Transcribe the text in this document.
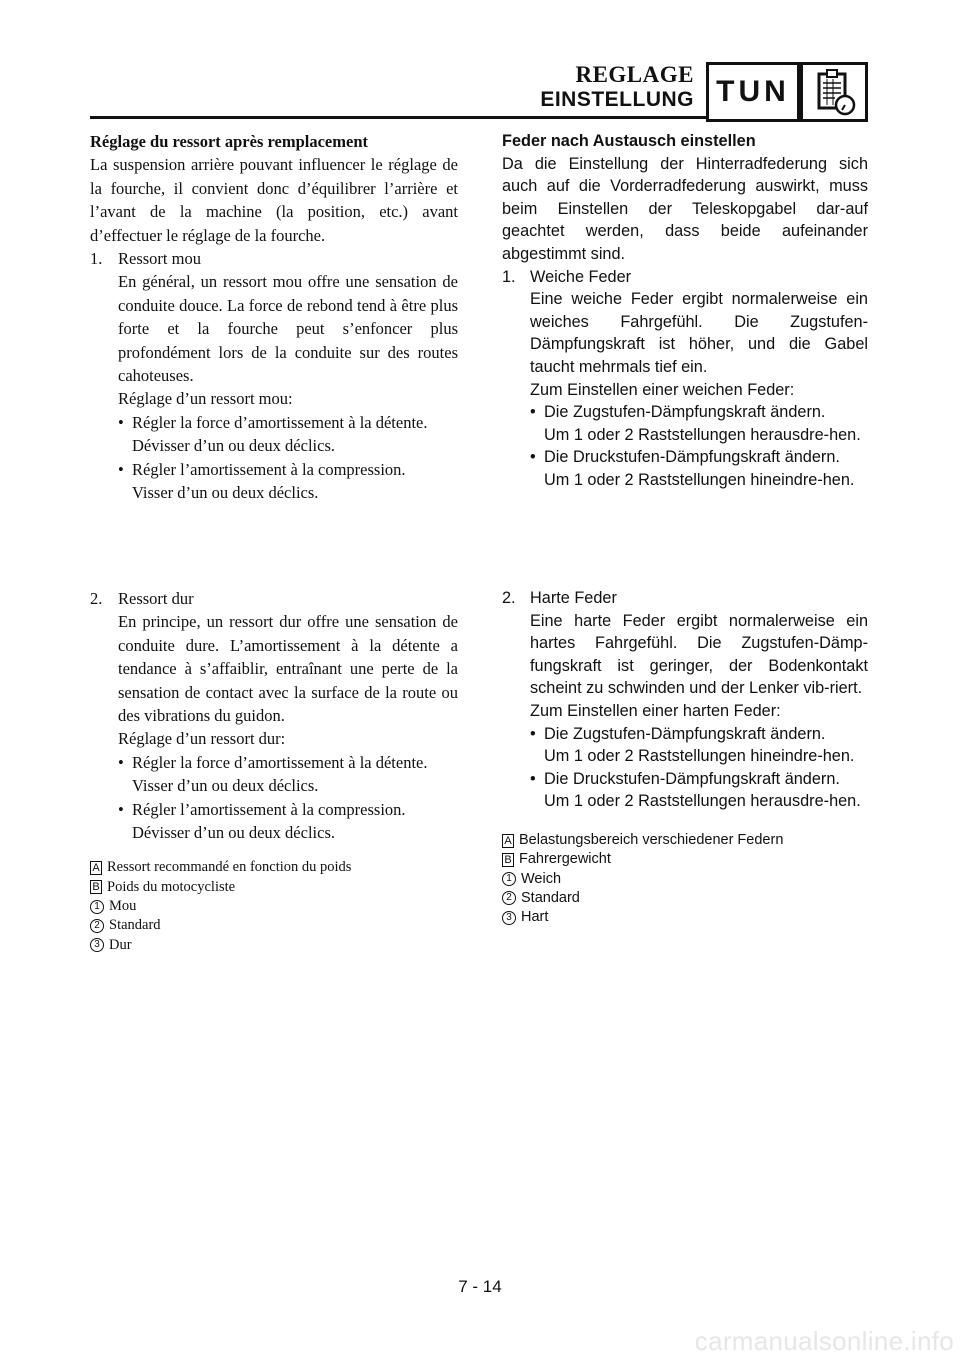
REGLAGE
EINSTELLUNG TUN

Réglage du ressort après remplacement

La suspension arrière pouvant influencer le réglage de la fourche, il convient donc d’équilibrer l’arrière et l’avant de la machine (la position, etc.) avant d’effectuer le réglage de la fourche.

1. Ressort mou

En général, un ressort mou offre une sensation de conduite douce. La force de rebond tend à être plus forte et la fourche peut s’enfoncer plus profondément lors de la conduite sur des routes cahoteuses.

Réglage d’un ressort mou:

• Régler la force d’amortissement à la détente.

Dévisser d’un ou deux déclics.

• Régler l’amortissement à la compression.

Visser d’un ou deux déclics.

Feder nach Austausch einstellen

Da die Einstellung der Hinterradfederung sich auch auf die Vorderradfederung auswirkt, muss beim Einstellen der Teleskopgabel dar-auf geachtet werden, dass beide aufeinander abgestimmt sind.

1. Weiche Feder

Eine weiche Feder ergibt normalerweise ein weiches Fahrgefühl. Die Zugstufen-Dämpfungskraft ist höher, und die Gabel taucht mehrmals tief ein.

Zum Einstellen einer weichen Feder:

• Die Zugstufen-Dämpfungskraft ändern.

Um 1 oder 2 Raststellungen herausdre-hen.

• Die Druckstufen-Dämpfungskraft ändern.

Um 1 oder 2 Raststellungen hineindre-hen.

2. Ressort dur

En principe, un ressort dur offre une sensation de conduite dure. L’amortissement à la détente a tendance à s’affaiblir, entraînant une perte de la sensation de contact avec la surface de la route ou des vibrations du guidon.

Réglage d’un ressort dur:

• Régler la force d’amortissement à la détente.

Visser d’un ou deux déclics.

• Régler l’amortissement à la compression.

Dévisser d’un ou deux déclics.

A Ressort recommandé en fonction du poids
B Poids du motocycliste
1 Mou
2 Standard
3 Dur
2. Harte Feder

Eine harte Feder ergibt normalerweise ein hartes Fahrgefühl. Die Zugstufen-Dämp-fungskraft ist geringer, der Bodenkontakt scheint zu schwinden und der Lenker vib-riert.

Zum Einstellen einer harten Feder:

• Die Zugstufen-Dämpfungskraft ändern.

Um 1 oder 2 Raststellungen hineindre-hen.

• Die Druckstufen-Dämpfungskraft ändern.

Um 1 oder 2 Raststellungen herausdre-hen.

A Belastungsbereich verschiedener Federn
B Fahrergewicht
1 Weich
2 Standard
3 Hart
7 - 14
carmanualsonline.info
